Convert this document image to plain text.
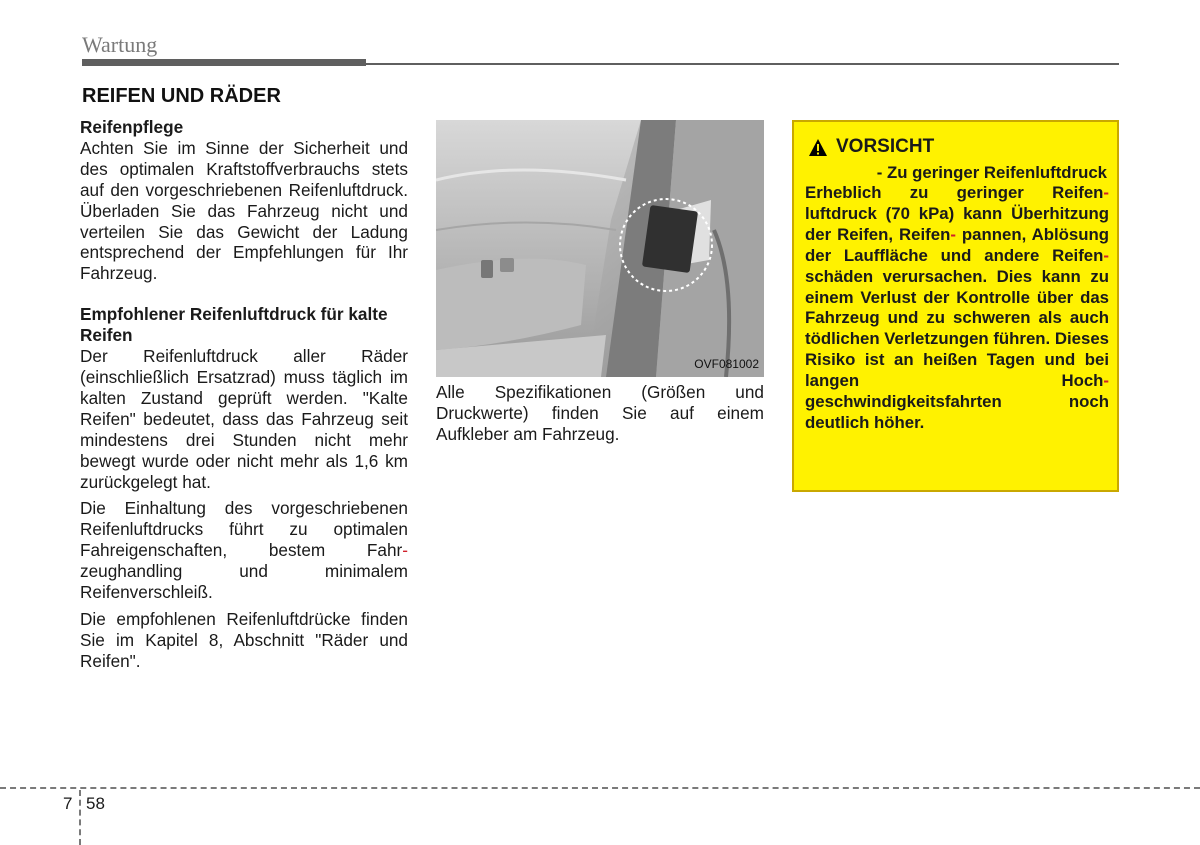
Wartung
REIFEN UND RÄDER
Reifenpflege

Achten Sie im Sinne der Sicherheit und des optimalen Kraftstoffverbrauchs stets auf den vorgeschriebenen Reifenluftdruck. Überladen Sie das Fahrzeug nicht und verteilen Sie das Gewicht der Ladung entsprechend der Empfehlungen für Ihr Fahrzeug.

Empfohlener Reifenluftdruck für kalte Reifen

Der Reifenluftdruck aller Räder (einschließlich Ersatzrad) muss täglich im kalten Zustand geprüft werden. "Kalte Reifen" bedeutet, dass das Fahrzeug seit mindestens drei Stunden nicht mehr bewegt wurde oder nicht mehr als 1,6 km zurückgelegt hat.

Die Einhaltung des vorgeschriebenen Reifenluftdrucks führt zu optimalen Fahreigenschaften, bestem Fahr- zeughandling und minimalem Reifenverschleiß.

Die empfohlenen Reifenluftdrücke finden Sie im Kapitel 8, Abschnitt "Räder und Reifen".

OVF081002
Alle Spezifikationen (Größen und Druckwerte) finden Sie auf einem Aufkleber am Fahrzeug.
VORSICHT
- Zu geringer Reifenluftdruck
Erheblich zu geringer Reifen- luftdruck (70 kPa) kann Überhitzung der Reifen, Reifen- pannen, Ablösung der Lauffläche und andere Reifen- schäden verursachen. Dies kann zu einem Verlust der Kontrolle über das Fahrzeug und zu schweren als auch tödlichen Verletzungen führen. Dieses Risiko ist an heißen Tagen und bei langen Hoch- geschwindigkeitsfahrten noch deutlich höher.
7 58
